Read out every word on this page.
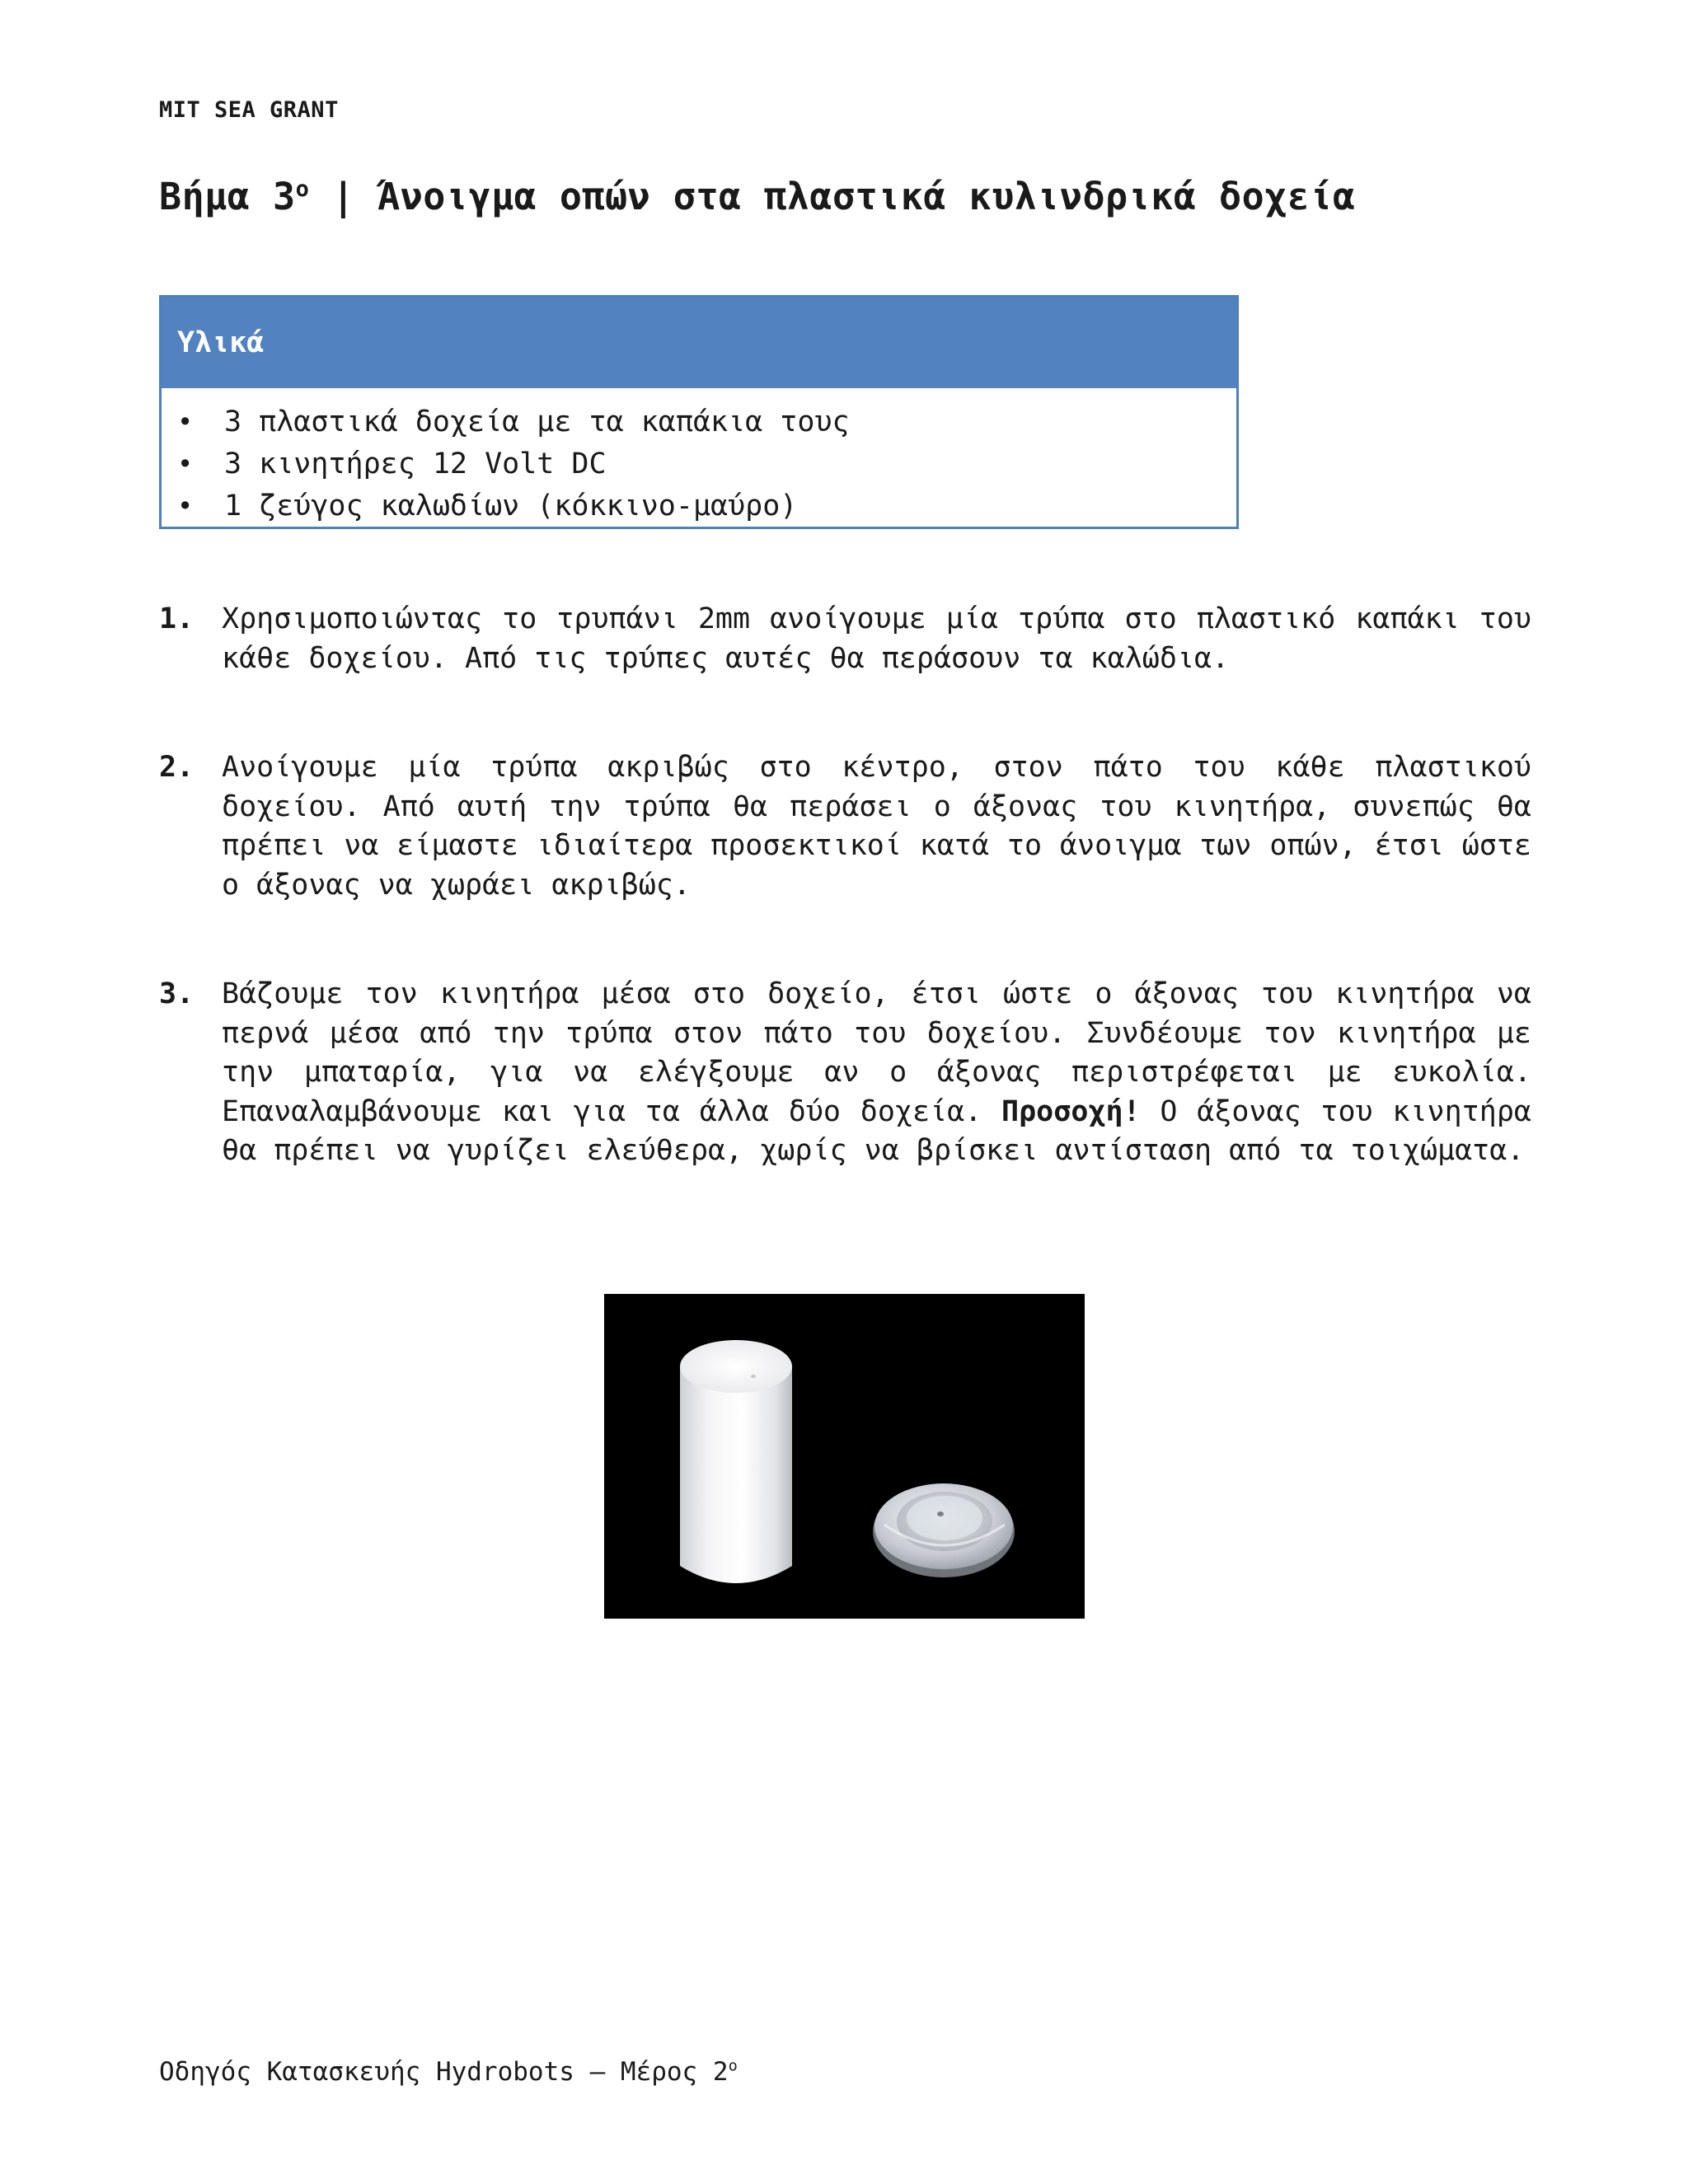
MIT SEA GRANT
Βήμα $3^o$ | Άνοιγμα οπών στα πλαστικά κυλινδρικά δοχεία
Υλικά
•	3 πλαστικά δοχεία με τα καπάκια τους
•	3 κινητήρες 12 Volt DC
•	1 ζεύγος καλωδίων (κόκκινο-μαύρο)
1. Χρησιμοποιώντας το τρυπάνι 2mm ανοίγουμε μία τρύπα στο πλαστικό καπάκι του κάθε δοχείου. Από τις τρύπες αυτές θα περάσουν τα καλώδια.
2. Ανοίγουμε μία τρύπα ακριβώς στο κέντρο, στον πάτο του κάθε πλαστικού δοχείου. Από αυτή την τρύπα θα περάσει ο άξονας του κινητήρα, συνεπώς θα πρέπει να είμαστε ιδιαίτερα προσεκτικοί κατά το άνοιγμα των οπών, έτσι ώστε ο άξονας να χωράει ακριβώς.
3. Βάζουμε τον κινητήρα μέσα στο δοχείο, έτσι ώστε ο άξονας του κινητήρα να περνά μέσα από την τρύπα στον πάτο του δοχείου. Συνδέουμε τον κινητήρα με την μπαταρία, για να ελέγξουμε αν ο άξονας περιστρέφεται με ευκολία. Επαναλαμβάνουμε και για τα άλλα δύο δοχεία. Προσοχή! Ο άξονας του κινητήρα θα πρέπει να γυρίζει ελεύθερα, χωρίς να βρίσκει αντίσταση από τα τοιχώματα.
Οδηγός Κατασκευής Hydrobots – Μέρος $2^o$
